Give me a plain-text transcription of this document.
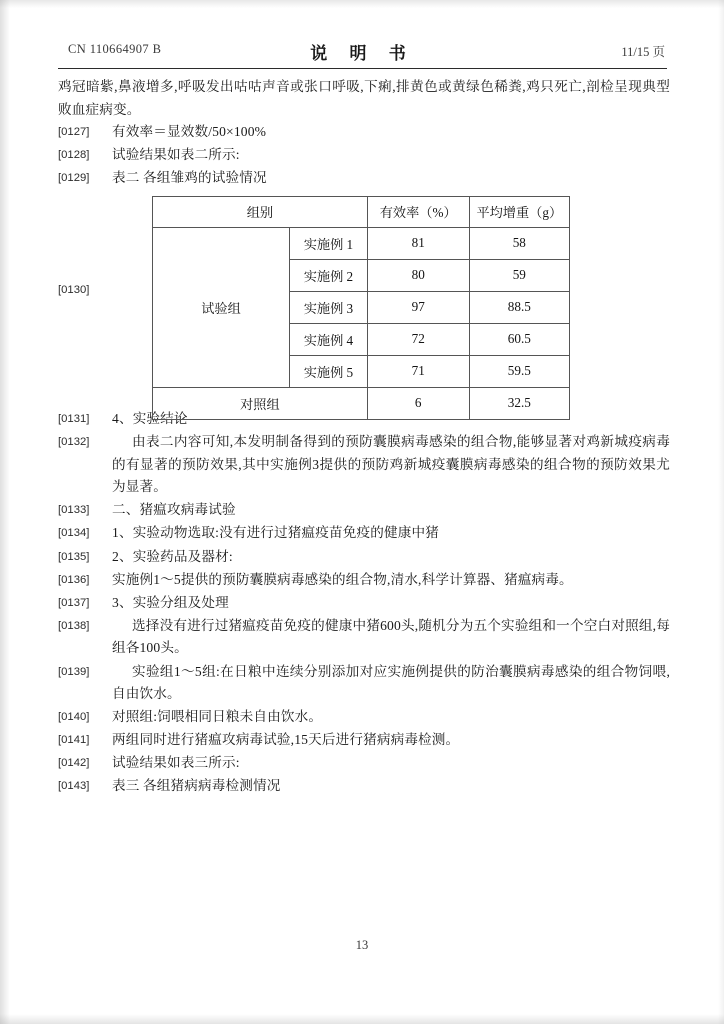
CN 110664907 B	说 明 书	11/15 页

鸡冠暗紫,鼻液增多,呼吸发出咕咕声音或张口呼吸,下痢,排黄色或黄绿色稀粪,鸡只死亡,剖检呈现典型败血症病变。

[0127]	有效率＝显效数/50×100%
[0128]	试验结果如表二所示:
[0129]	表二 各组雏鸡的试验情况
[0130]
组别		有效率（%）	平均增重（g）
试验组	实施例 1	81	58
	实施例 2	80	59
	实施例 3	97	88.5
	实施例 4	72	60.5
	实施例 5	71	59.5
对照组		6	32.5
[0131]	4、实验结论
[0132]	由表二内容可知,本发明制备得到的预防囊膜病毒感染的组合物,能够显著对鸡新城疫病毒的有显著的预防效果,其中实施例3提供的预防鸡新城疫囊膜病毒感染的组合物的预防效果尤为显著。
[0133]	二、猪瘟攻病毒试验
[0134]	1、实验动物选取:没有进行过猪瘟疫苗免疫的健康中猪
[0135]	2、实验药品及器材:
[0136]	实施例1～5提供的预防囊膜病毒感染的组合物,清水,科学计算器、猪瘟病毒。
[0137]	3、实验分组及处理
[0138]	选择没有进行过猪瘟疫苗免疫的健康中猪600头,随机分为五个实验组和一个空白对照组,每组各100头。
[0139]	实验组1～5组:在日粮中连续分别添加对应实施例提供的防治囊膜病毒感染的组合物饲喂,自由饮水。
[0140]	对照组:饲喂相同日粮未自由饮水。
[0141]	两组同时进行猪瘟攻病毒试验,15天后进行猪病病毒检测。
[0142]	试验结果如表三所示:
[0143]	表三 各组猪病病毒检测情况
13
